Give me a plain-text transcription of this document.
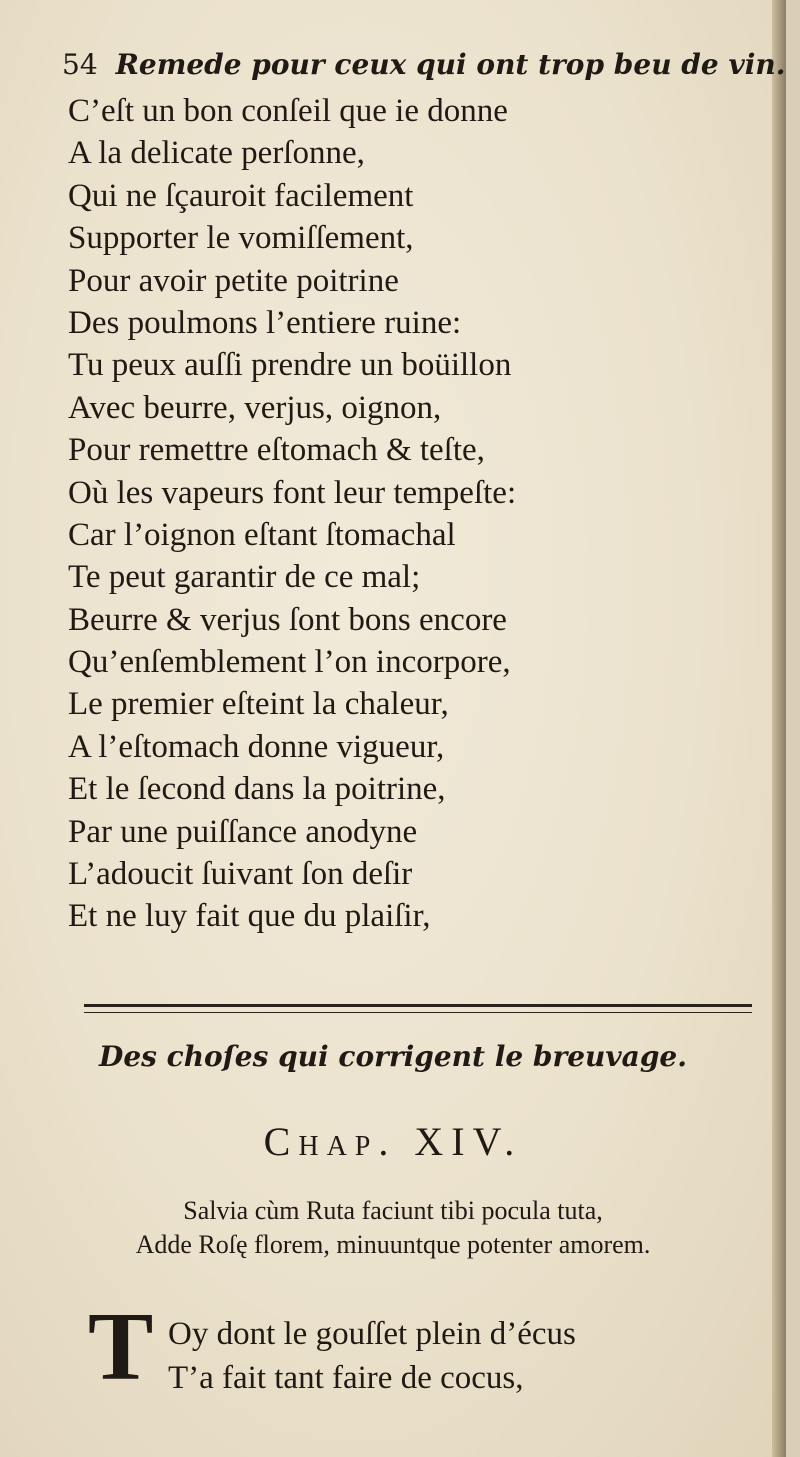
54 Remede pour ceux qui ont trop beu de vin.
C’eſt un bon conſeil que ie donne
A la delicate perſonne,
Qui ne ſçauroit facilement
Supporter le vomiſſement,
Pour avoir petite poitrine
Des poulmons l’entiere ruine:
Tu peux auſſi prendre un boüillon
Avec beurre, verjus, oignon,
Pour remettre eſtomach & teſte,
Où les vapeurs font leur tempeſte:
Car l’oignon eſtant ſtomachal
Te peut garantir de ce mal;
Beurre & verjus ſont bons encore
Qu’enſemblement l’on incorpore,
Le premier eſteint la chaleur,
A l’eſtomach donne vigueur,
Et le ſecond dans la poitrine,
Par une puiſſance anodyne
L’adoucit ſuivant ſon deſir
Et ne luy fait que du plaiſir,
Des choſes qui corrigent le breuvage.
Chap. XIV.
Salvia cùm Ruta faciunt tibi pocula tuta,
Adde Roſę florem, minuuntque potenter amorem.
T Oy dont le gouſſet plein d’écus
T’a fait tant faire de cocus,
